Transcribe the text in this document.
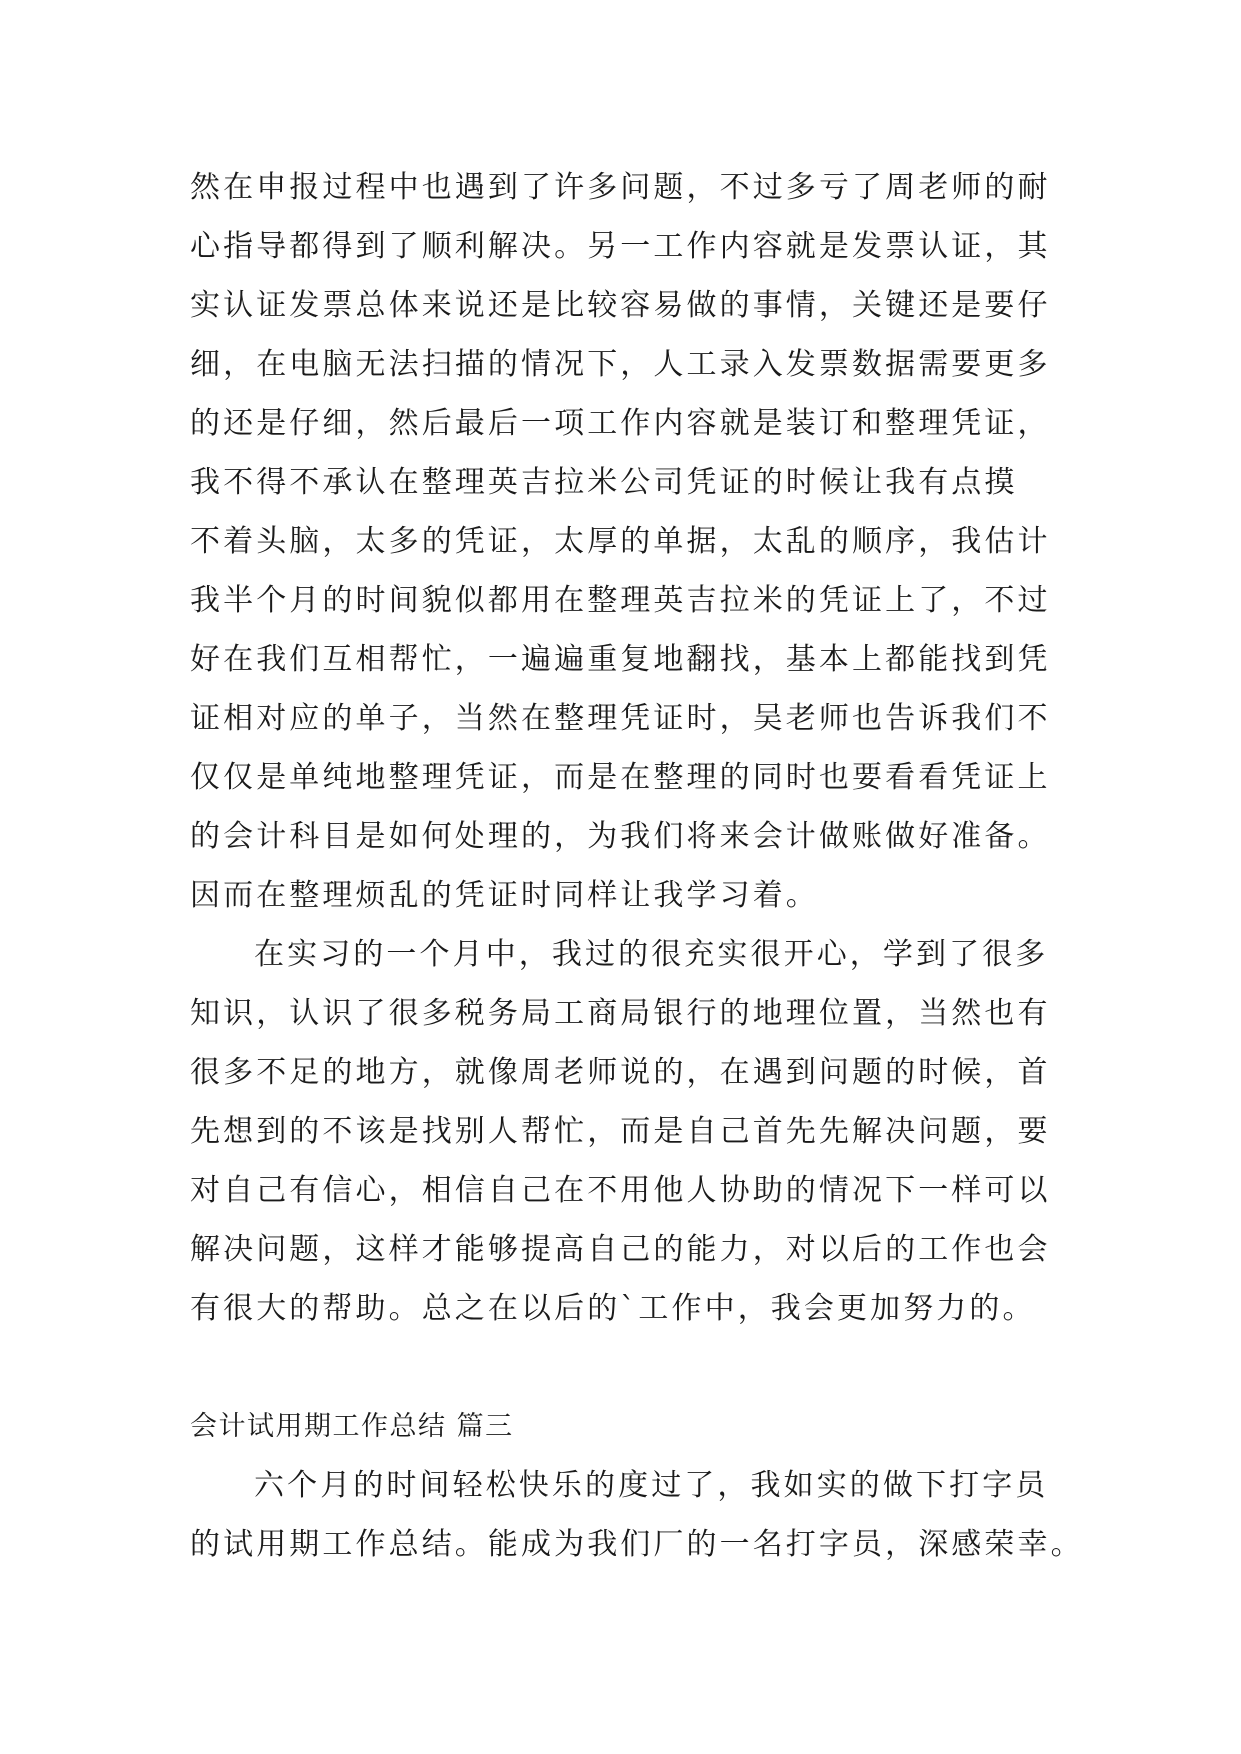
然在申报过程中也遇到了许多问题，不过多亏了周老师的耐
心指导都得到了顺利解决。另一工作内容就是发票认证，其
实认证发票总体来说还是比较容易做的事情，关键还是要仔
细，在电脑无法扫描的情况下，人工录入发票数据需要更多
的还是仔细，然后最后一项工作内容就是装订和整理凭证，
我不得不承认在整理英吉拉米公司凭证的时候让我有点摸
不着头脑，太多的凭证，太厚的单据，太乱的顺序，我估计
我半个月的时间貌似都用在整理英吉拉米的凭证上了，不过
好在我们互相帮忙，一遍遍重复地翻找，基本上都能找到凭
证相对应的单子，当然在整理凭证时，吴老师也告诉我们不
仅仅是单纯地整理凭证，而是在整理的同时也要看看凭证上
的会计科目是如何处理的，为我们将来会计做账做好准备。
因而在整理烦乱的凭证时同样让我学习着。
在实习的一个月中，我过的很充实很开心，学到了很多
知识，认识了很多税务局工商局银行的地理位置，当然也有
很多不足的地方，就像周老师说的，在遇到问题的时候，首
先想到的不该是找别人帮忙，而是自己首先先解决问题，要
对自己有信心，相信自己在不用他人协助的情况下一样可以
解决问题，这样才能够提高自己的能力，对以后的工作也会
有很大的帮助。总之在以后的`工作中，我会更加努力的。
会计试用期工作总结 篇三
六个月的时间轻松快乐的度过了，我如实的做下打字员
的试用期工作总结。能成为我们厂的一名打字员，深感荣幸。
